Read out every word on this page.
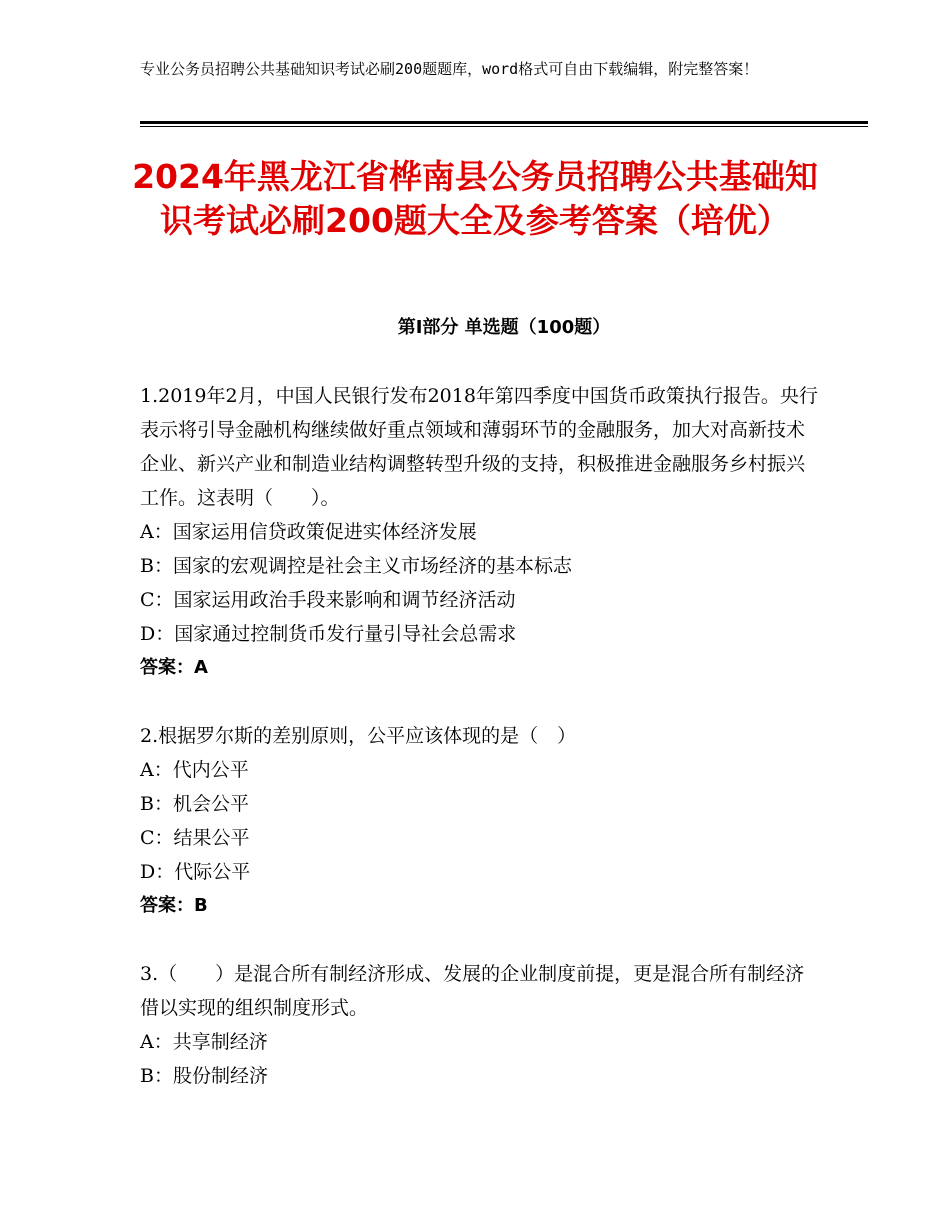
专业公务员招聘公共基础知识考试必刷200题题库，word格式可自由下载编辑，附完整答案！
2024年黑龙江省桦南县公务员招聘公共基础知识考试必刷200题大全及参考答案（培优）
第Ⅰ部分 单选题（100题）
1.2019年2月，中国人民银行发布2018年第四季度中国货币政策执行报告。央行表示将引导金融机构继续做好重点领域和薄弱环节的金融服务，加大对高新技术企业、新兴产业和制造业结构调整转型升级的支持，积极推进金融服务乡村振兴工作。这表明（　　）。
A：国家运用信贷政策促进实体经济发展
B：国家的宏观调控是社会主义市场经济的基本标志
C：国家运用政治手段来影响和调节经济活动
D：国家通过控制货币发行量引导社会总需求
答案：A
2.根据罗尔斯的差别原则，公平应该体现的是（　）
A：代内公平
B：机会公平
C：结果公平
D：代际公平
答案：B
3.（　　）是混合所有制经济形成、发展的企业制度前提，更是混合所有制经济借以实现的组织制度形式。
A：共享制经济
B：股份制经济
